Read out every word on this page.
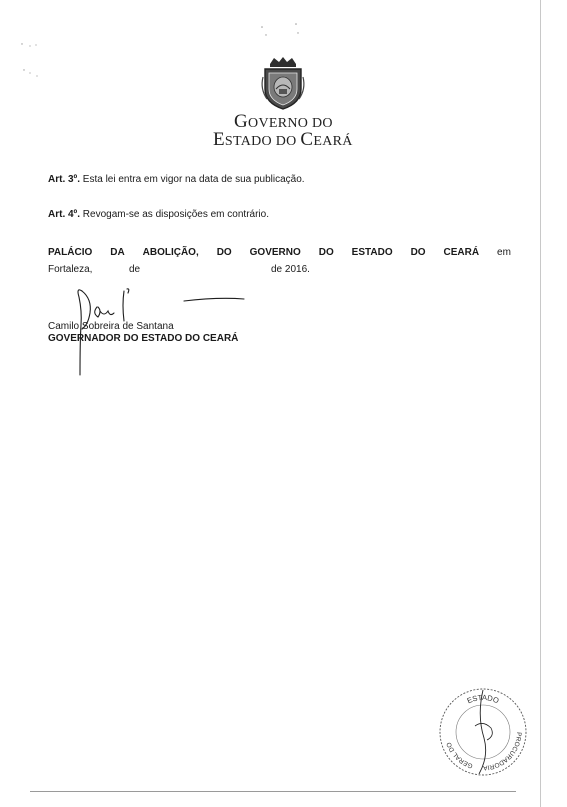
GOVERNO DO
ESTADO DO CEARÁ
Art. 3º. Esta lei entra em vigor na data de sua publicação.
Art. 4º. Revogam-se as disposições em contrário.
PALÁCIO DA ABOLIÇÃO, DO GOVERNO DO ESTADO DO CEARÁ em
Fortaleza,	de	de 2016.
Camilo Sobreira de Santana
GOVERNADOR DO ESTADO DO CEARÁ
ESTADO
GERAL DO
PROCURADORIA
